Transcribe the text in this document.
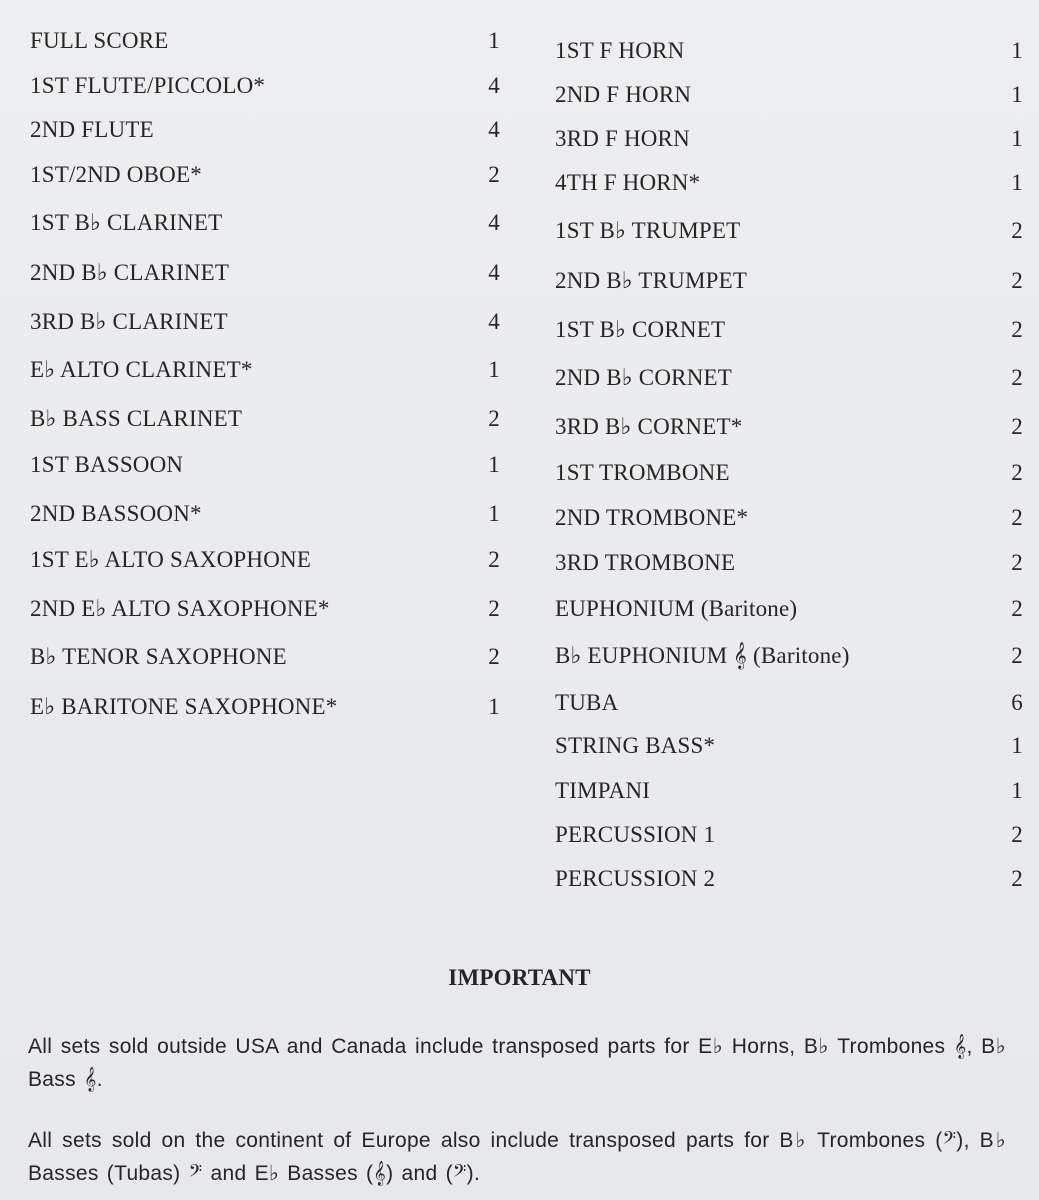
FULL SCORE	1
1ST FLUTE/PICCOLO*	4
2ND FLUTE	4
1ST/2ND OBOE*	2
1ST B♭ CLARINET	4
2ND B♭ CLARINET	4
3RD B♭ CLARINET	4
E♭ ALTO CLARINET*	1
B♭ BASS CLARINET	2
1ST BASSOON	1
2ND BASSOON*	1
1ST E♭ ALTO SAXOPHONE	2
2ND E♭ ALTO SAXOPHONE*	2
B♭ TENOR SAXOPHONE	2
E♭ BARITONE SAXOPHONE*	1
1ST F HORN	1
2ND F HORN	1
3RD F HORN	1
4TH F HORN*	1
1ST B♭ TRUMPET	2
2ND B♭ TRUMPET	2
1ST B♭ CORNET	2
2ND B♭ CORNET	2
3RD B♭ CORNET*	2
1ST TROMBONE	2
2ND TROMBONE*	2
3RD TROMBONE	2
EUPHONIUM (Baritone)	2
B♭ EUPHONIUM 𝄞 (Baritone)	2
TUBA	6
STRING BASS*	1
TIMPANI	1
PERCUSSION 1	2
PERCUSSION 2	2
IMPORTANT
All sets sold outside USA and Canada include transposed parts for E♭ Horns, B♭ Trombones 𝄞, B♭ Bass 𝄞.
All sets sold on the continent of Europe also include transposed parts for B♭ Trombones (𝄢), B♭ Basses (Tubas) 𝄢 and E♭ Basses (𝄞) and (𝄢).
